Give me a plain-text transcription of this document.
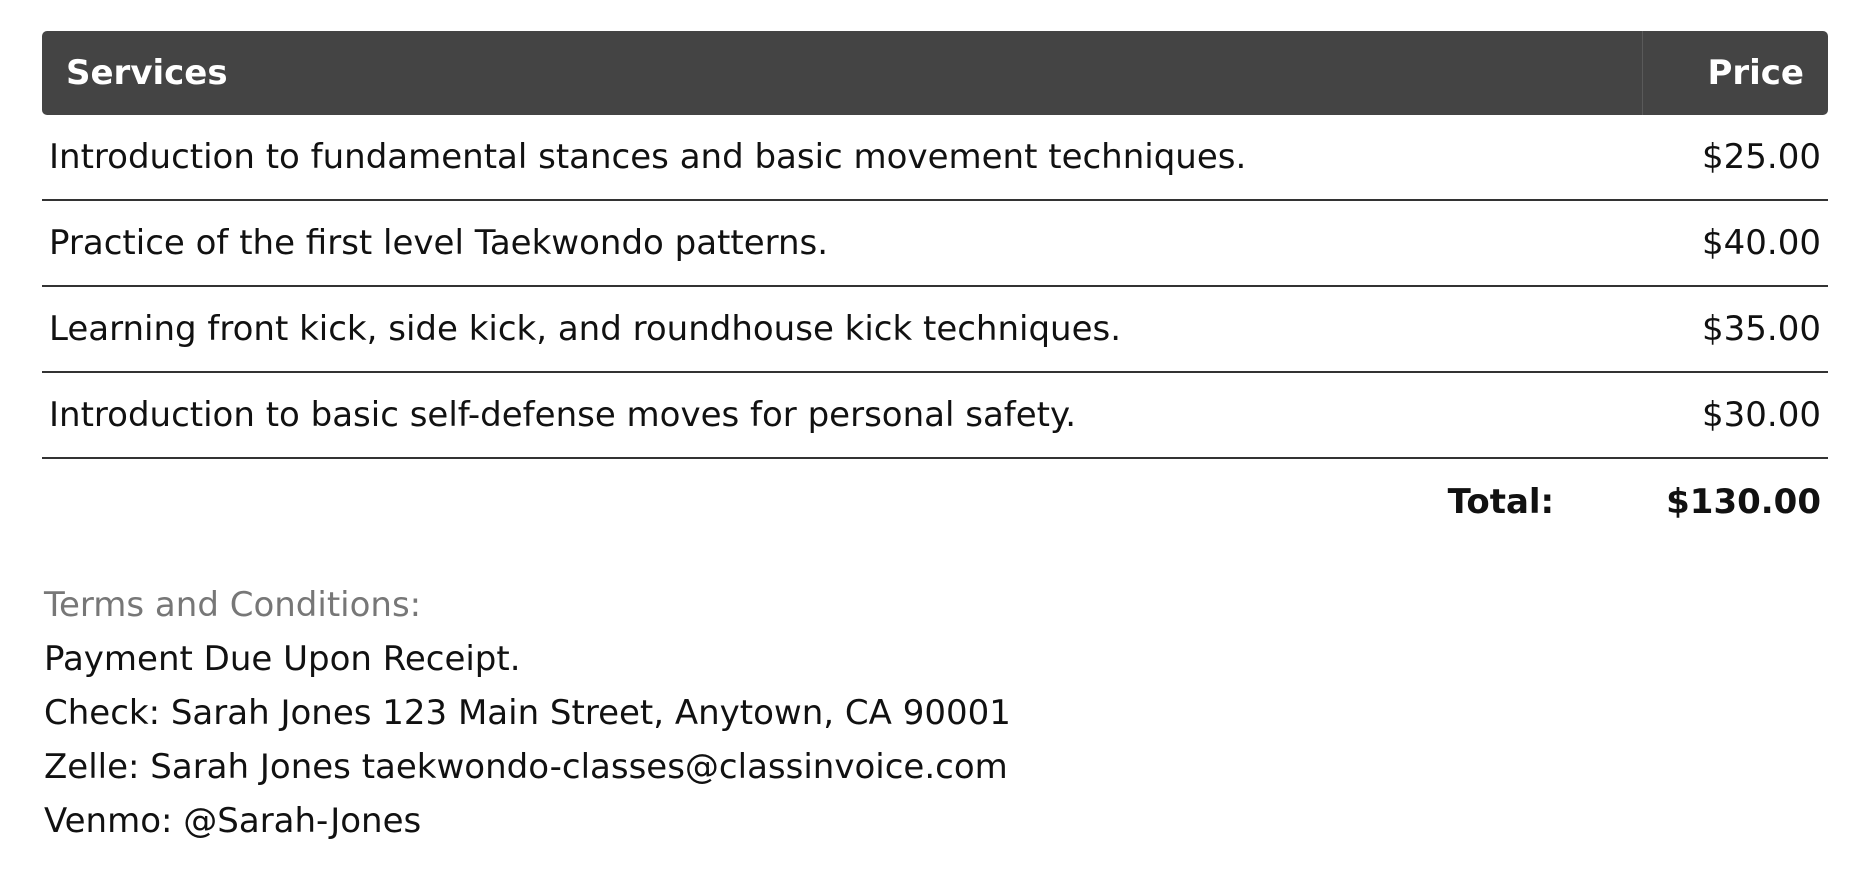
Services	Price
Introduction to fundamental stances and basic movement techniques.	$25.00
Practice of the first level Taekwondo patterns.	$40.00
Learning front kick, side kick, and roundhouse kick techniques.	$35.00
Introduction to basic self-defense moves for personal safety.	$30.00
Total:	$130.00
Terms and Conditions:
Payment Due Upon Receipt.
Check: Sarah Jones 123 Main Street, Anytown, CA 90001
Zelle: Sarah Jones taekwondo-classes@classinvoice.com
Venmo: @Sarah-Jones
